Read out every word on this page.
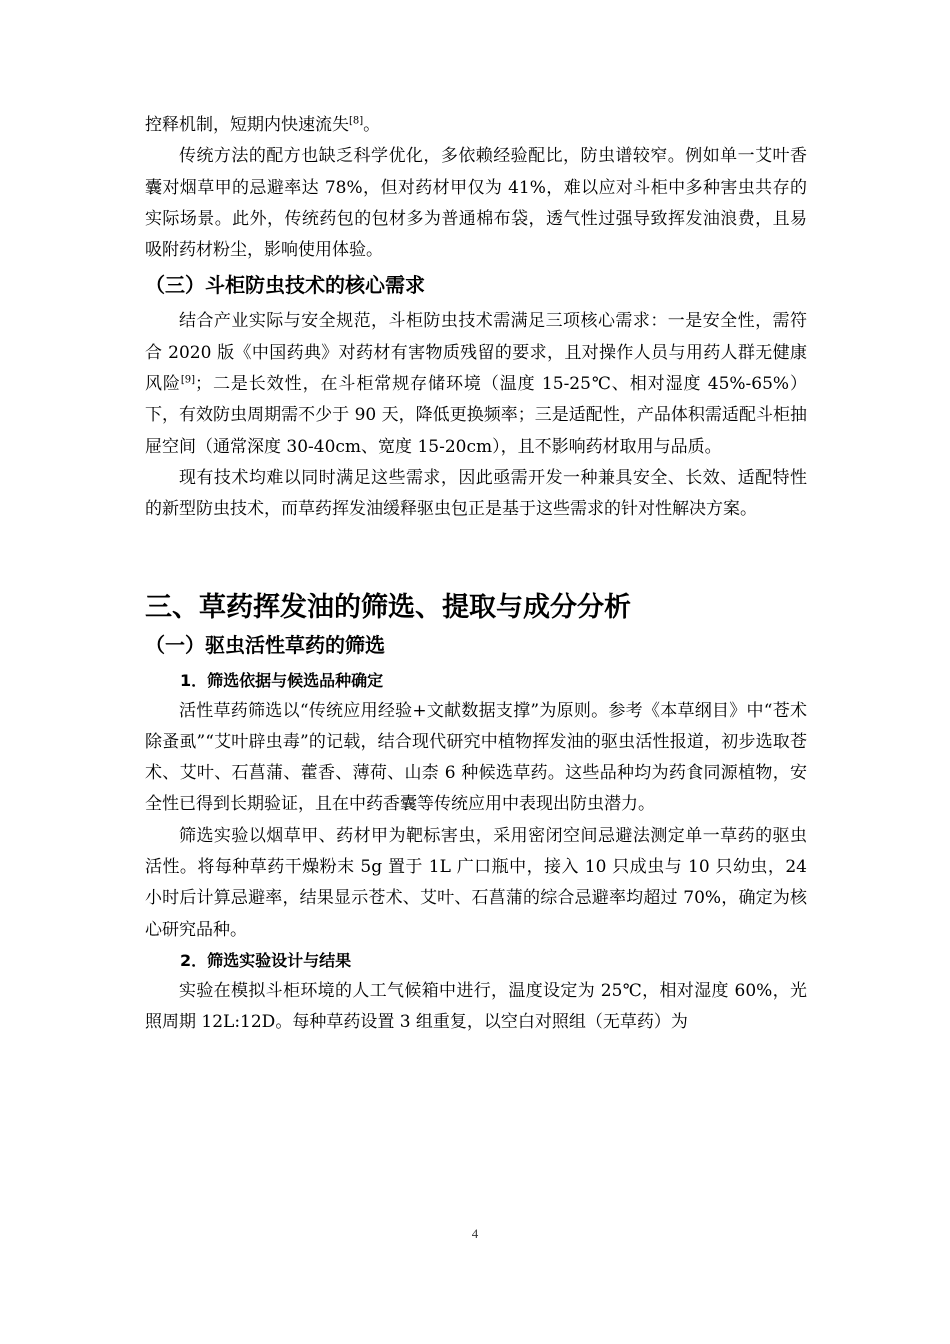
控释机制，短期内快速流失[8]。

传统方法的配方也缺乏科学优化，多依赖经验配比，防虫谱较窄。例如单一艾叶香囊对烟草甲的忌避率达 78%，但对药材甲仅为 41%，难以应对斗柜中多种害虫共存的实际场景。此外，传统药包的包材多为普通棉布袋，透气性过强导致挥发油浪费，且易吸附药材粉尘，影响使用体验。

（三）斗柜防虫技术的核心需求

结合产业实际与安全规范，斗柜防虫技术需满足三项核心需求：一是安全性，需符合 2020 版《中国药典》对药材有害物质残留的要求，且对操作人员与用药人群无健康风险[9]；二是长效性，在斗柜常规存储环境（温度 15-25℃、相对湿度 45%-65%）下，有效防虫周期需不少于 90 天，降低更换频率；三是适配性，产品体积需适配斗柜抽屉空间（通常深度 30-40cm、宽度 15-20cm），且不影响药材取用与品质。

现有技术均难以同时满足这些需求，因此亟需开发一种兼具安全、长效、适配特性的新型防虫技术，而草药挥发油缓释驱虫包正是基于这些需求的针对性解决方案。

三、草药挥发油的筛选、提取与成分分析
（一）驱虫活性草药的筛选
1．筛选依据与候选品种确定

活性草药筛选以“传统应用经验+文献数据支撑”为原则。参考《本草纲目》中“苍术除蚤虱”“艾叶辟虫毒”的记载，结合现代研究中植物挥发油的驱虫活性报道，初步选取苍术、艾叶、石菖蒲、藿香、薄荷、山柰 6 种候选草药。这些品种均为药食同源植物，安全性已得到长期验证，且在中药香囊等传统应用中表现出防虫潜力。

筛选实验以烟草甲、药材甲为靶标害虫，采用密闭空间忌避法测定单一草药的驱虫活性。将每种草药干燥粉末 5g 置于 1L 广口瓶中，接入 10 只成虫与 10 只幼虫，24 小时后计算忌避率，结果显示苍术、艾叶、石菖蒲的综合忌避率均超过 70%，确定为核心研究品种。

2．筛选实验设计与结果

实验在模拟斗柜环境的人工气候箱中进行，温度设定为 25℃，相对湿度 60%，光照周期 12L:12D。每种草药设置 3 组重复，以空白对照组（无草药）为

4
